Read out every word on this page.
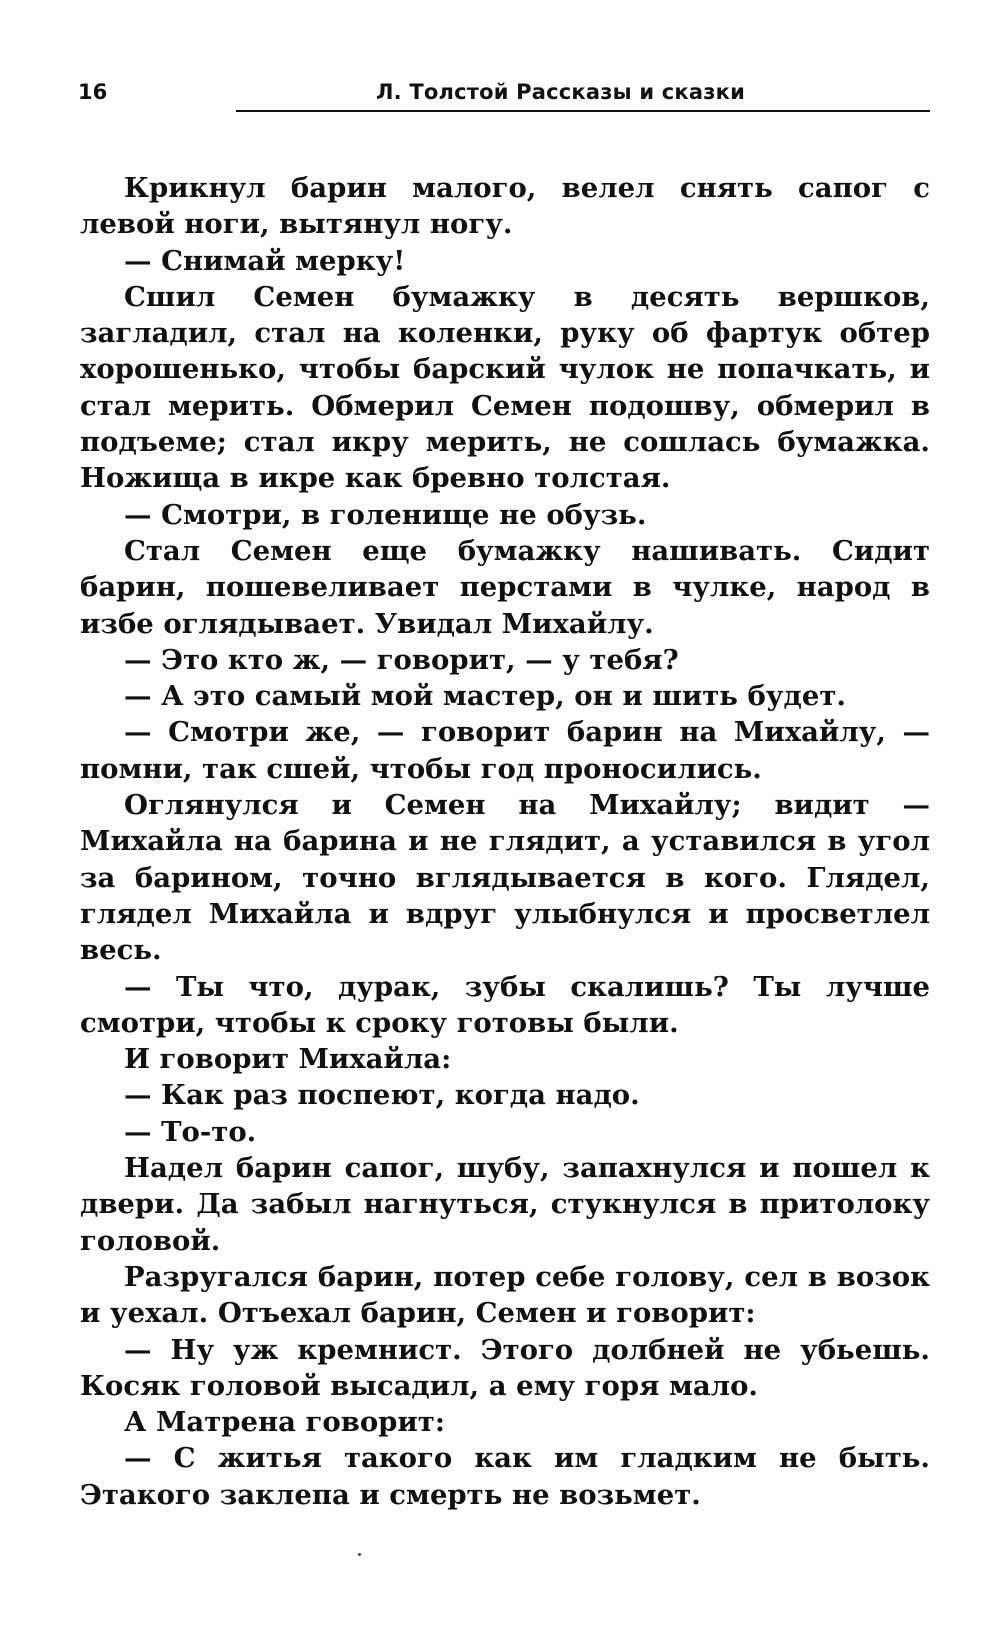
16	Л. Толстой Рассказы и сказки

Крикнул барин малого, велел снять сапог с левой ноги, вытянул ногу.

— Снимай мерку!

Сшил Семен бумажку в десять вершков, загладил, стал на коленки, руку об фартук обтер хорошенько, чтобы барский чулок не попачкать, и стал мерить. Обмерил Семен подошву, обмерил в подъеме; стал икру мерить, не сошлась бумажка. Ножища в икре как бревно толстая.

— Смотри, в голенище не обузь.

Стал Семен еще бумажку нашивать. Сидит барин, пошевеливает перстами в чулке, народ в избе оглядывает. Увидал Михайлу.

— Это кто ж, — говорит, — у тебя?

— А это самый мой мастер, он и шить будет.

— Смотри же, — говорит барин на Михайлу, — помни, так сшей, чтобы год проносились.

Оглянулся и Семен на Михайлу; видит — Михайла на барина и не глядит, а уставился в угол за барином, точно вглядывается в кого. Глядел, глядел Михайла и вдруг улыбнулся и просветлел весь.

— Ты что, дурак, зубы скалишь? Ты лучше смотри, чтобы к сроку готовы были.

И говорит Михайла:

— Как раз поспеют, когда надо.

— То-то.

Надел барин сапог, шубу, запахнулся и пошел к двери. Да забыл нагнуться, стукнулся в притолоку головой.

Разругался барин, потер себе голову, сел в возок и уехал. Отъехал барин, Семен и говорит:

— Ну уж кремнист. Этого долбней не убьешь. Косяк головой высадил, а ему горя мало.

А Матрена говорит:

— С житья такого как им гладким не быть. Этакого заклепа и смерть не возьмет.
